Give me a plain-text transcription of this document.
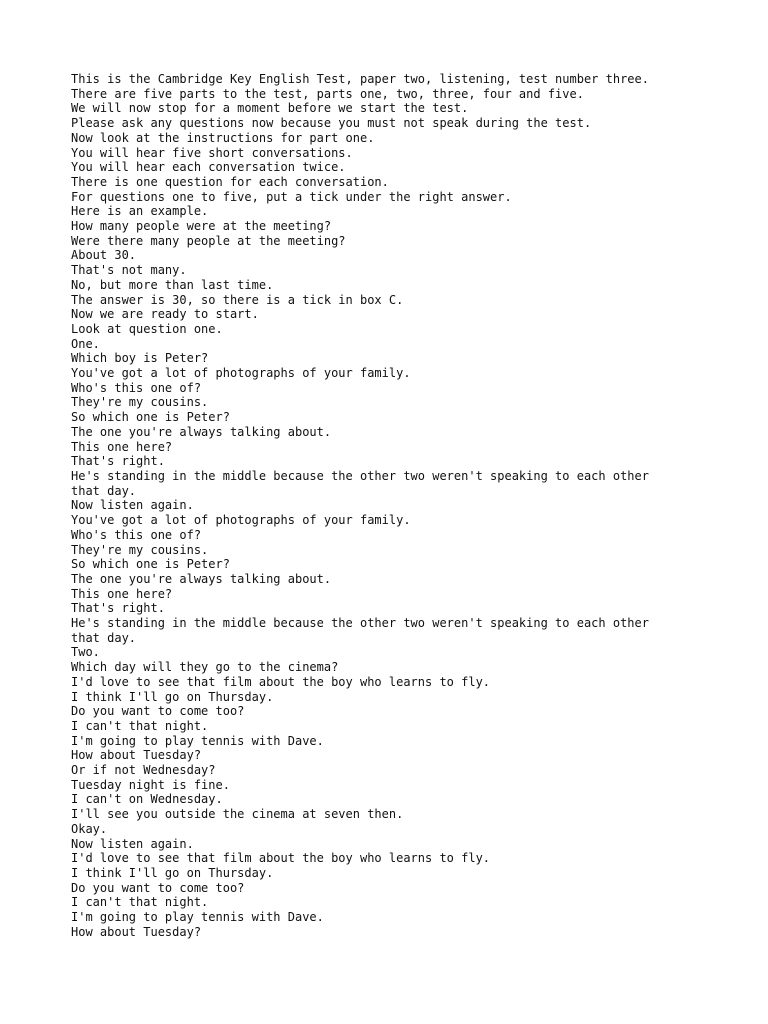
This is the Cambridge Key English Test, paper two, listening, test number three.
There are five parts to the test, parts one, two, three, four and five.
We will now stop for a moment before we start the test.
Please ask any questions now because you must not speak during the test.
Now look at the instructions for part one.
You will hear five short conversations.
You will hear each conversation twice.
There is one question for each conversation.
For questions one to five, put a tick under the right answer.
Here is an example.
How many people were at the meeting?
Were there many people at the meeting?
About 30.
That's not many.
No, but more than last time.
The answer is 30, so there is a tick in box C.
Now we are ready to start.
Look at question one.
One.
Which boy is Peter?
You've got a lot of photographs of your family.
Who's this one of?
They're my cousins.
So which one is Peter?
The one you're always talking about.
This one here?
That's right.
He's standing in the middle because the other two weren't speaking to each other
that day.
Now listen again.
You've got a lot of photographs of your family.
Who's this one of?
They're my cousins.
So which one is Peter?
The one you're always talking about.
This one here?
That's right.
He's standing in the middle because the other two weren't speaking to each other
that day.
Two.
Which day will they go to the cinema?
I'd love to see that film about the boy who learns to fly.
I think I'll go on Thursday.
Do you want to come too?
I can't that night.
I'm going to play tennis with Dave.
How about Tuesday?
Or if not Wednesday?
Tuesday night is fine.
I can't on Wednesday.
I'll see you outside the cinema at seven then.
Okay.
Now listen again.
I'd love to see that film about the boy who learns to fly.
I think I'll go on Thursday.
Do you want to come too?
I can't that night.
I'm going to play tennis with Dave.
How about Tuesday?
